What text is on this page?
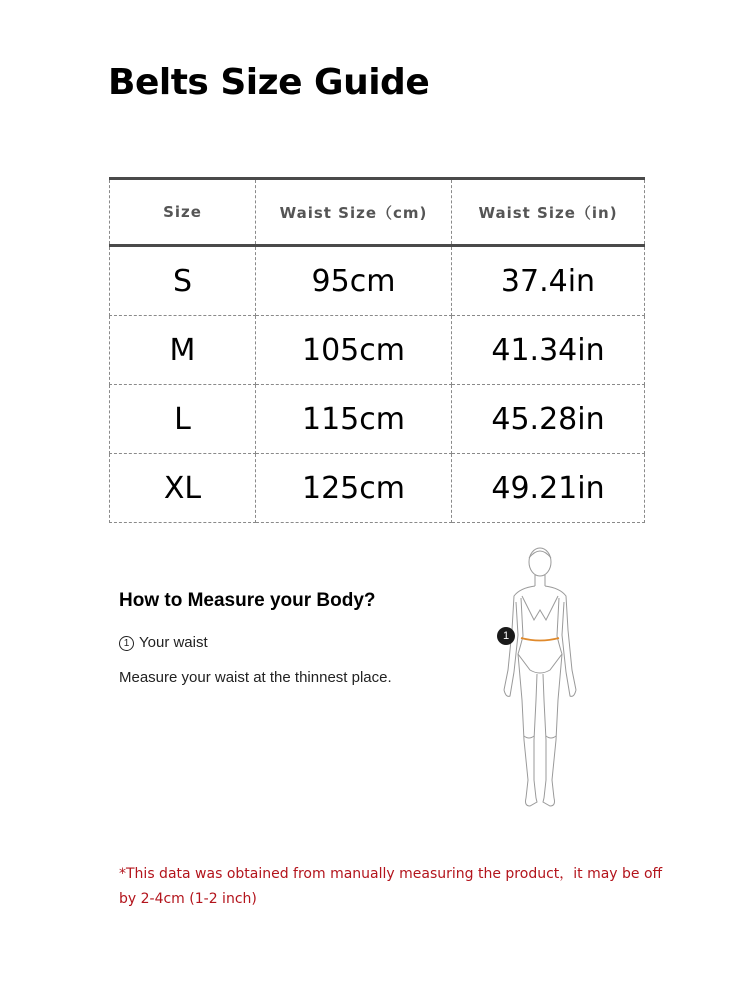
Belts Size Guide
Size	Waist Size（cm)	Waist Size（in)
S	95cm	37.4in
M	105cm	41.34in
L	115cm	45.28in
XL	125cm	49.21in
How to Measure your Body?
1 Your waist
Measure your waist at the thinnest place.
1
*This data was obtained from manually measuring the product，it may be off by 2-4cm (1-2 inch)
